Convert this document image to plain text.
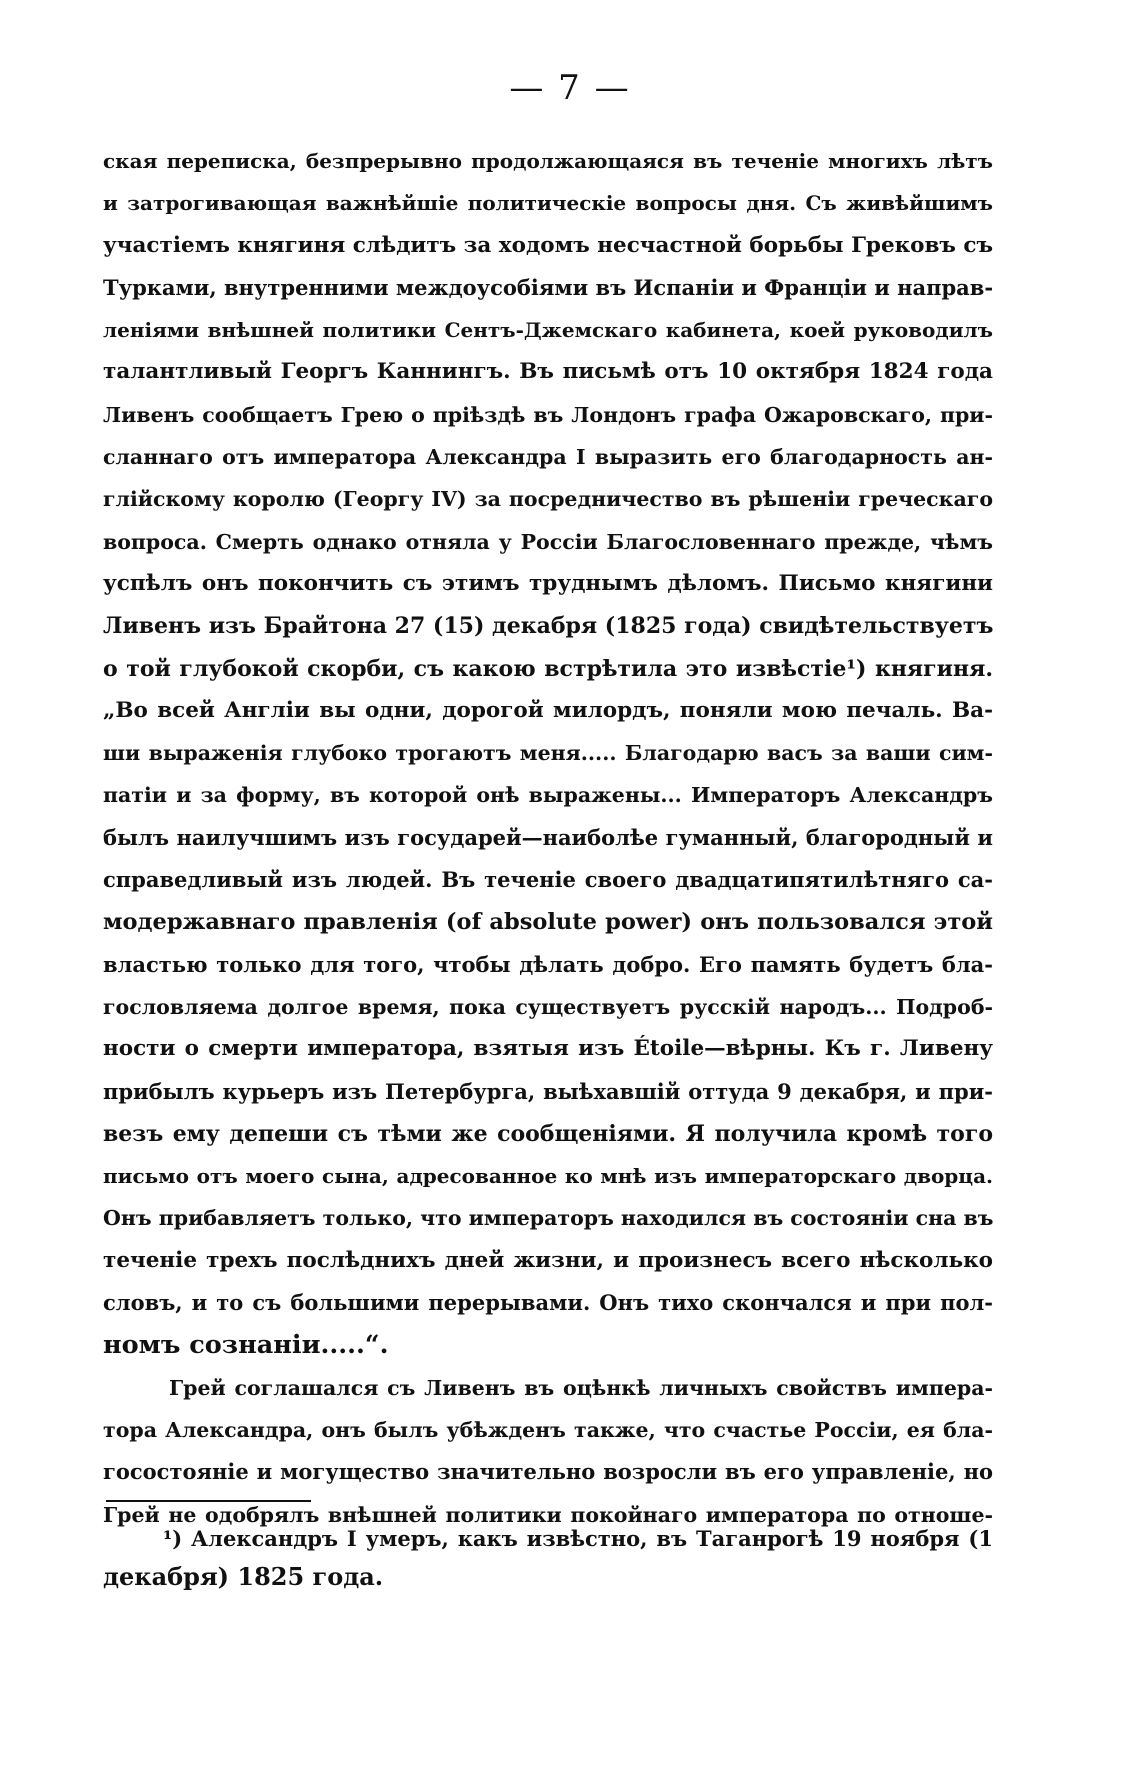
— 7 —
ская переписка, безпрерывно продолжающаяся въ теченіе многихъ лѣтъ
и затрогивающая важнѣйшіе политическіе вопросы дня. Съ живѣйшимъ
участіемъ княгиня слѣдитъ за ходомъ несчастной борьбы Грековъ съ
Турками, внутренними междоусобіями въ Испаніи и Франціи и направ-
леніями внѣшней политики Сентъ-Джемскаго кабинета, коей руководилъ
талантливый Георгъ Каннингъ. Въ письмѣ отъ 10 октября 1824 года
Ливенъ сообщаетъ Грею о пріѣздѣ въ Лондонъ графа Ожаровскаго, при-
сланнаго отъ императора Александра I выразить его благодарность ан-
глійскому королю (Георгу IV) за посредничество въ рѣшеніи греческаго
вопроса. Смерть однако отняла у Россіи Благословеннаго прежде, чѣмъ
успѣлъ онъ покончить съ этимъ труднымъ дѣломъ. Письмо княгини
Ливенъ изъ Брайтона 27 (15) декабря (1825 года) свидѣтельствуетъ
о той глубокой скорби, съ какою встрѣтила это извѣстіе¹) княгиня.
„Во всей Англіи вы одни, дорогой милордъ, поняли мою печаль. Ва-
ши выраженія глубоко трогаютъ меня..... Благодарю васъ за ваши сим-
патіи и за форму, въ которой онѣ выражены... Императоръ Александръ
былъ наилучшимъ изъ государей—наиболѣе гуманный, благородный и
справедливый изъ людей. Въ теченіе своего двадцатипятилѣтняго са-
модержавнаго правленія (of absolute power) онъ пользовался этой
властью только для того, чтобы дѣлать добро. Его память будетъ бла-
гословляема долгое время, пока существуетъ русскій народъ... Подроб-
ности о смерти императора, взятыя изъ Étoile—вѣрны. Къ г. Ливену
прибылъ курьеръ изъ Петербурга, выѣхавшій оттуда 9 декабря, и при-
везъ ему депеши съ тѣми же сообщеніями. Я получила кромѣ того
письмо отъ моего сына, адресованное ко мнѣ изъ императорскаго дворца.
Онъ прибавляетъ только, что императоръ находился въ состояніи сна въ
теченіе трехъ послѣднихъ дней жизни, и произнесъ всего нѣсколько
словъ, и то съ большими перерывами. Онъ тихо скончался и при пол-
номъ сознаніи.....“.
Грей соглашался съ Ливенъ въ оцѣнкѣ личныхъ свойствъ импера-
тора Александра, онъ былъ убѣжденъ также, что счастье Россіи, ея бла-
госостояніе и могущество значительно возросли въ его управленіе, но
Грей не одобрялъ внѣшней политики покойнаго императора по отноше-
¹) Александръ I умеръ, какъ извѣстно, въ Таганрогѣ 19 ноября (1
декабря) 1825 года.
